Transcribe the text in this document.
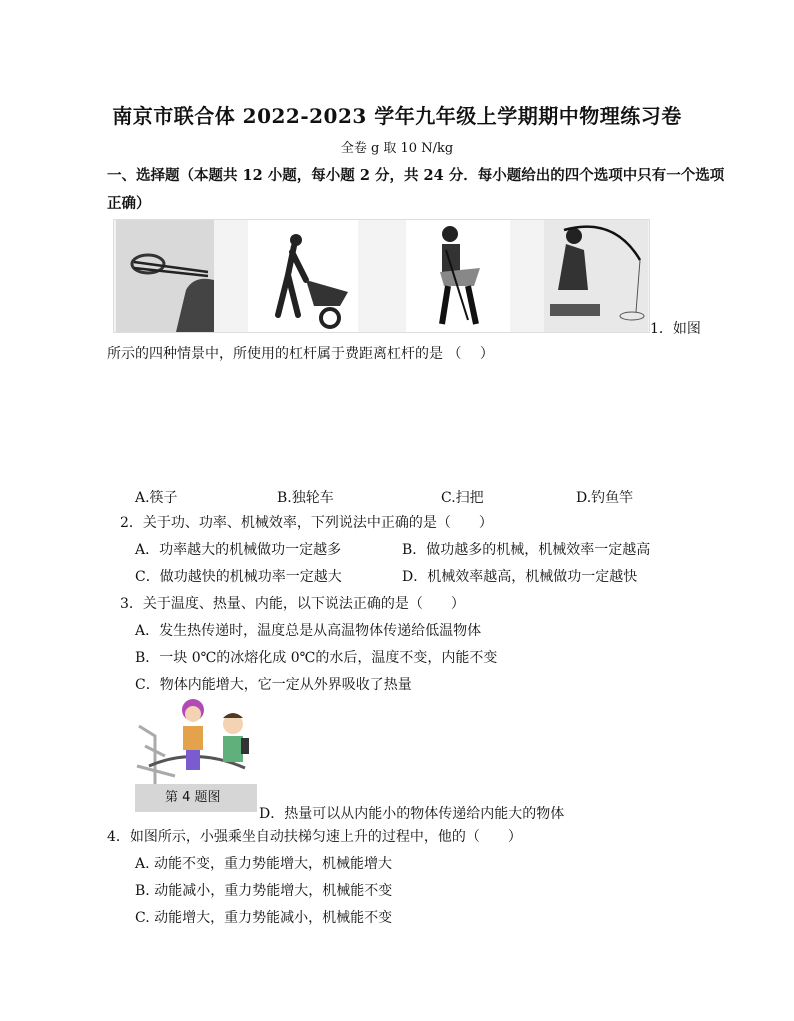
南京市联合体 2022-2023 学年九年级上学期期中物理练习卷
全卷 g 取 10 N/kg
一、选择题（本题共 12 小题，每小题 2 分，共 24 分．每小题给出的四个选项中只有一个选项
正确）
1．如图
所示的四种情景中，所使用的杠杆属于费距离杠杆的是 （　 ）
A.筷子	B.独轮车	C.扫把	D.钓鱼竿
2．关于功、功率、机械效率，下列说法中正确的是（　　）
A．功率越大的机械做功一定越多	B．做功越多的机械，机械效率一定越高
C．做功越快的机械功率一定越大	D．机械效率越高，机械做功一定越快
3．关于温度、热量、内能，以下说法正确的是（　　）
A．发生热传递时，温度总是从高温物体传递给低温物体
B．一块 0℃的冰熔化成 0℃的水后，温度不变，内能不变
C．物体内能增大，它一定从外界吸收了热量
第 4 题图
D．热量可以从内能小的物体传递给内能大的物体
4．如图所示，小强乘坐自动扶梯匀速上升的过程中，他的（　　）
A. 动能不变，重力势能增大，机械能增大
B. 动能减小，重力势能增大，机械能不变
C. 动能增大，重力势能减小，机械能不变
